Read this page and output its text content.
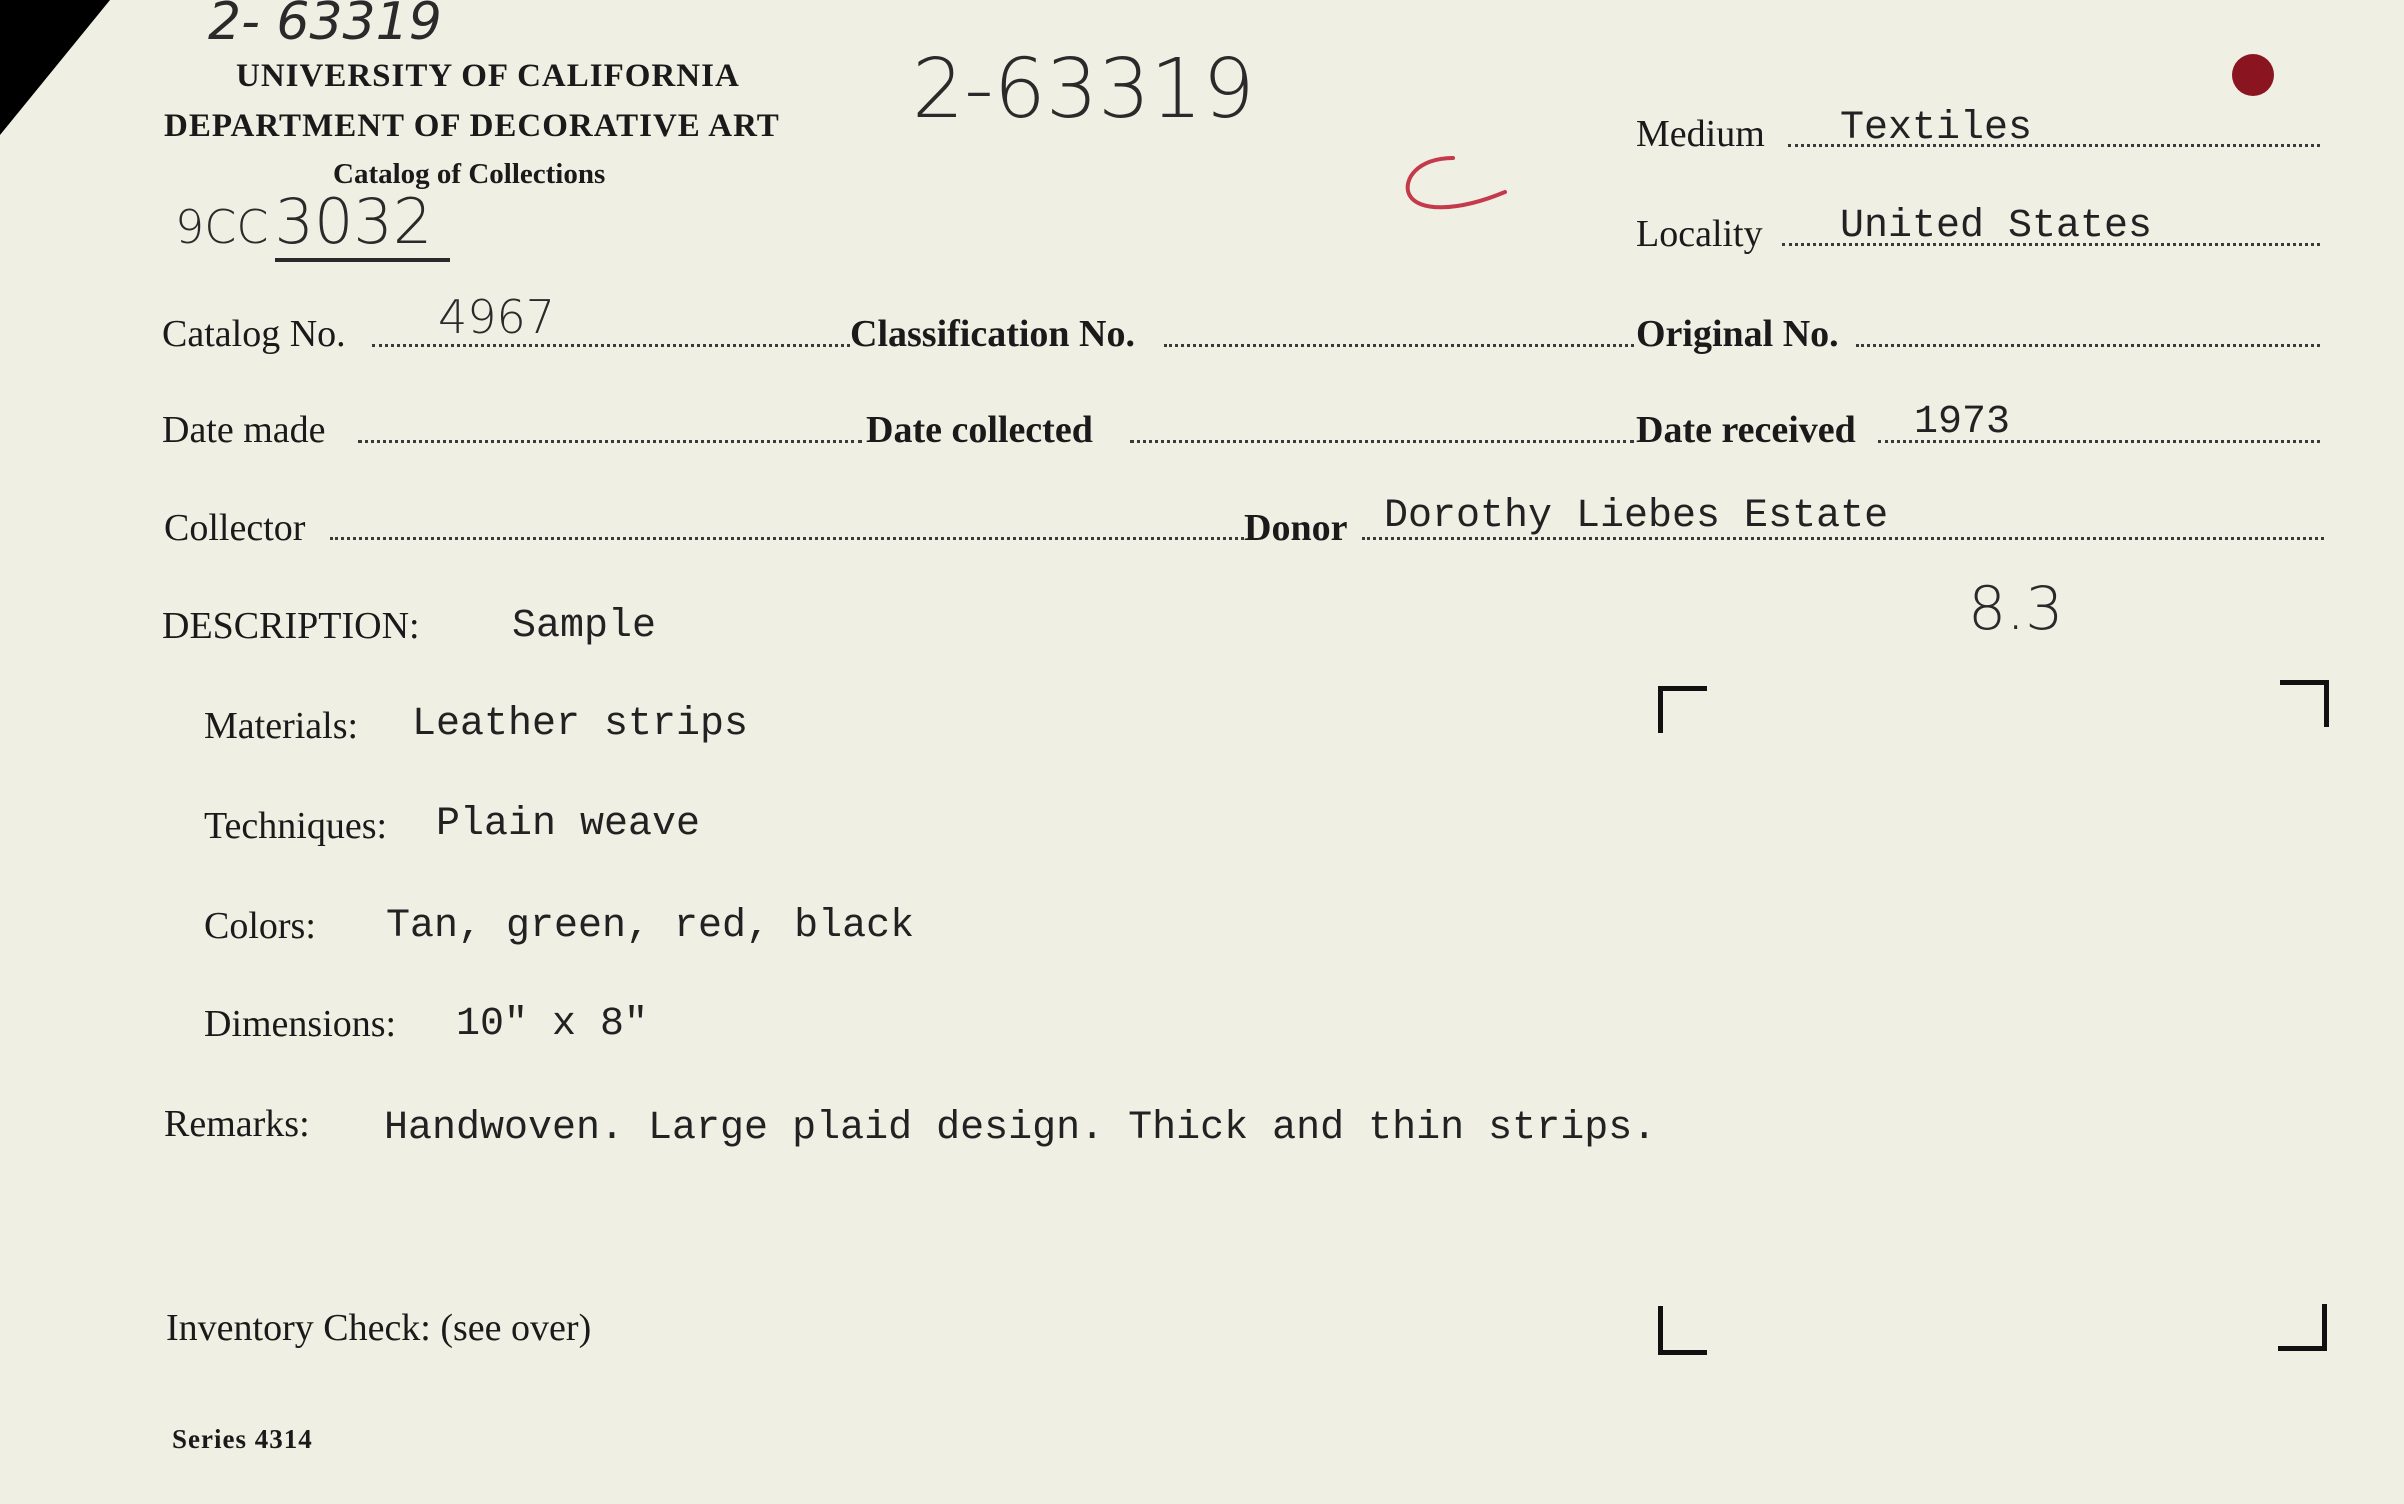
2- 63319
2-63319
9CC3032
UNIVERSITY OF CALIFORNIA
DEPARTMENT OF DECORATIVE ART
Catalog of Collections
Medium Textiles
Locality United States
Catalog No. 4967	Classification No.	Original No.
Date made	Date collected	Date received 1973
Collector	Donor Dorothy Liebes Estate
8.3
DESCRIPTION: Sample
Materials: Leather strips
Techniques: Plain weave
Colors: Tan, green, red, black
Dimensions: 10" x 8"
Remarks: Handwoven. Large plaid design. Thick and thin strips.
Inventory Check: (see over)
Series 4314
